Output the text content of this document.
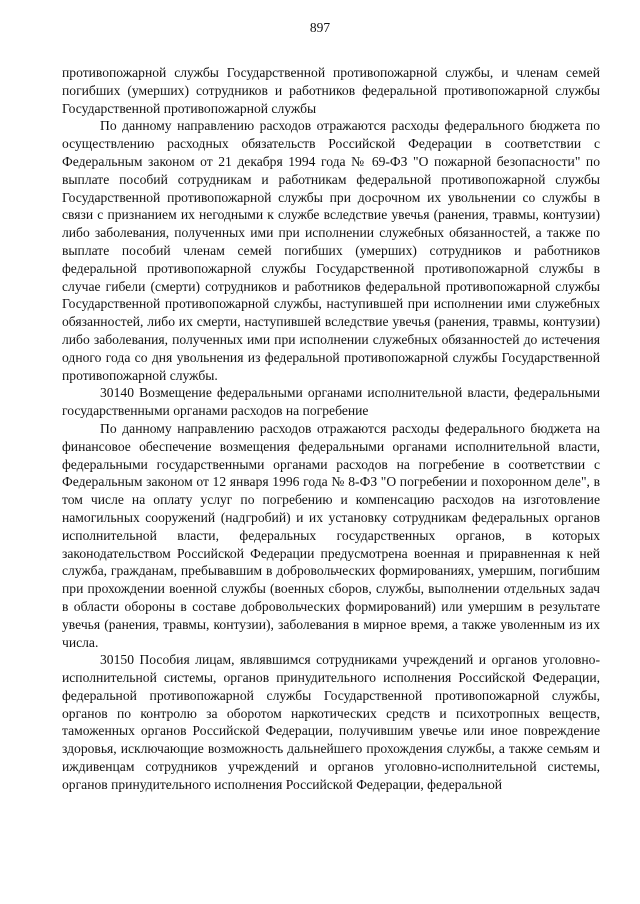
897

противопожарной службы Государственной противопожарной службы, и членам семей погибших (умерших) сотрудников и работников федеральной противопожарной службы Государственной противопожарной службы

По данному направлению расходов отражаются расходы федерального бюджета по осуществлению расходных обязательств Российской Федерации в соответствии с Федеральным законом от 21 декабря 1994 года № 69-ФЗ "О пожарной безопасности" по выплате пособий сотрудникам и работникам федеральной противопожарной службы Государственной противопожарной службы при досрочном их увольнении со службы в связи с признанием их негодными к службе вследствие увечья (ранения, травмы, контузии) либо заболевания, полученных ими при исполнении служебных обязанностей, а также по выплате пособий членам семей погибших (умерших) сотрудников и работников федеральной противопожарной службы Государственной противопожарной службы в случае гибели (смерти) сотрудников и работников федеральной противопожарной службы Государственной противопожарной службы, наступившей при исполнении ими служебных обязанностей, либо их смерти, наступившей вследствие увечья (ранения, травмы, контузии) либо заболевания, полученных ими при исполнении служебных обязанностей до истечения одного года со дня увольнения из федеральной противопожарной службы Государственной противопожарной службы.

30140 Возмещение федеральными органами исполнительной власти, федеральными государственными органами расходов на погребение

По данному направлению расходов отражаются расходы федерального бюджета на финансовое обеспечение возмещения федеральными органами исполнительной власти, федеральными государственными органами расходов на погребение в соответствии с Федеральным законом от 12 января 1996 года № 8-ФЗ "О погребении и похоронном деле", в том числе на оплату услуг по погребению и компенсацию расходов на изготовление намогильных сооружений (надгробий) и их установку сотрудникам федеральных органов исполнительной власти, федеральных государственных органов, в которых законодательством Российской Федерации предусмотрена военная и приравненная к ней служба, гражданам, пребывавшим в добровольческих формированиях, умершим, погибшим при прохождении военной службы (военных сборов, службы, выполнении отдельных задач в области обороны в составе добровольческих формирований) или умершим в результате увечья (ранения, травмы, контузии), заболевания в мирное время, а также уволенным из их числа.

30150 Пособия лицам, являвшимся сотрудниками учреждений и органов уголовно-исполнительной системы, органов принудительного исполнения Российской Федерации, федеральной противопожарной службы Государственной противопожарной службы, органов по контролю за оборотом наркотических средств и психотропных веществ, таможенных органов Российской Федерации, получившим увечье или иное повреждение здоровья, исключающие возможность дальнейшего прохождения службы, а также семьям и иждивенцам сотрудников учреждений и органов уголовно-исполнительной системы, органов принудительного исполнения Российской Федерации, федеральной
